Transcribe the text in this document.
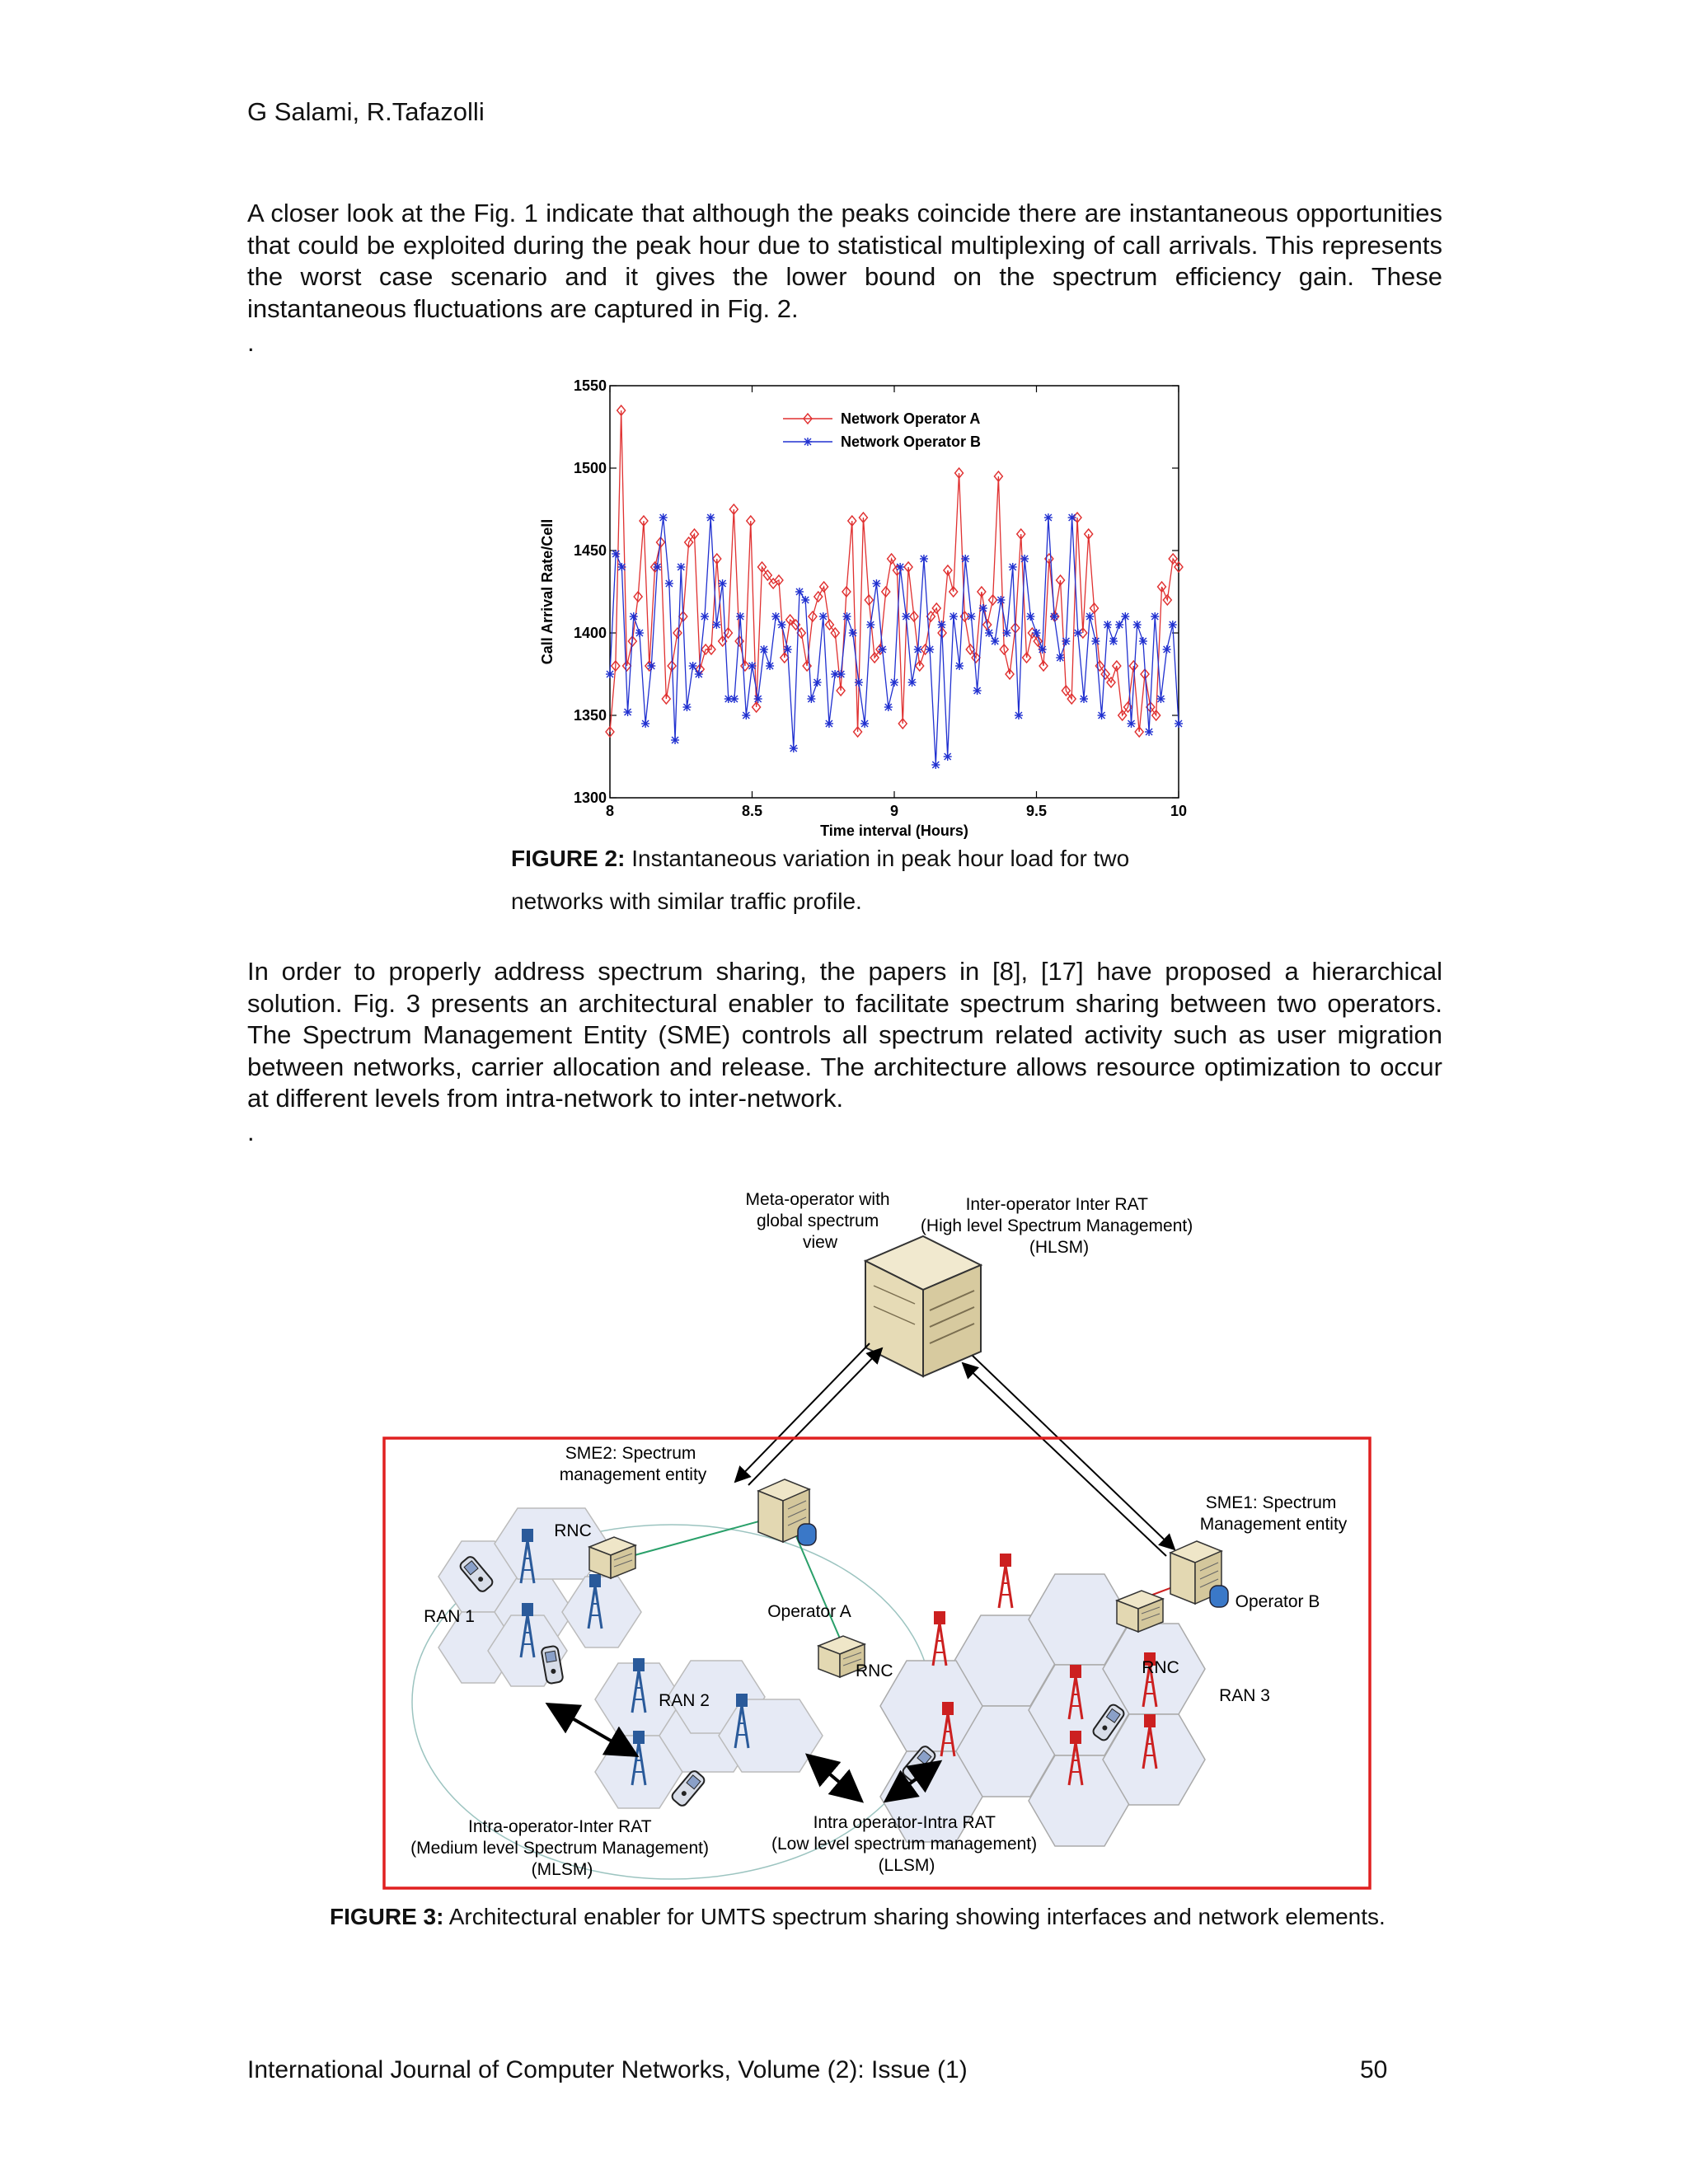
G Salami, R.Tafazolli
A closer look at the Fig. 1 indicate that although the peaks coincide there are instantaneous opportunities that could be exploited during the peak hour due to statistical multiplexing of call arrivals. This represents the worst case scenario and it gives the lower bound on the spectrum efficiency gain. These instantaneous fluctuations are captured in Fig. 2.
.
8	8.5	9	9.5	10
1300
1350
1400
1450
1500
1550
Time interval (Hours)
Call Arrival Rate/Cell
Network Operator A
Network Operator B
FIGURE 2: Instantaneous variation in peak hour load for two networks with similar traffic profile.
In order to properly address spectrum sharing, the papers in [8], [17] have proposed a hierarchical solution. Fig. 3 presents an architectural enabler to facilitate spectrum sharing between two operators. The Spectrum Management Entity (SME) controls all spectrum related activity such as user migration between networks, carrier allocation and release. The architecture allows resource optimization to occur at different levels from intra-network to inter-network.
.
Meta-operator with global spectrum view
Inter-operator Inter RAT (High level Spectrum Management) (HLSM)
SME2: Spectrum management entity
SME1: Spectrum Management entity
RNC
RNC	RNC
RAN 1
RAN 2	RAN 3
Operator A
Operator B
Intra-operator-Inter RAT (Medium level Spectrum Management) (MLSM)
Intra operator-Intra RAT (Low level spectrum management) (LLSM)
FIGURE 3: Architectural enabler for UMTS spectrum sharing showing interfaces and network elements.
International Journal of Computer Networks, Volume (2): Issue (1)	50
